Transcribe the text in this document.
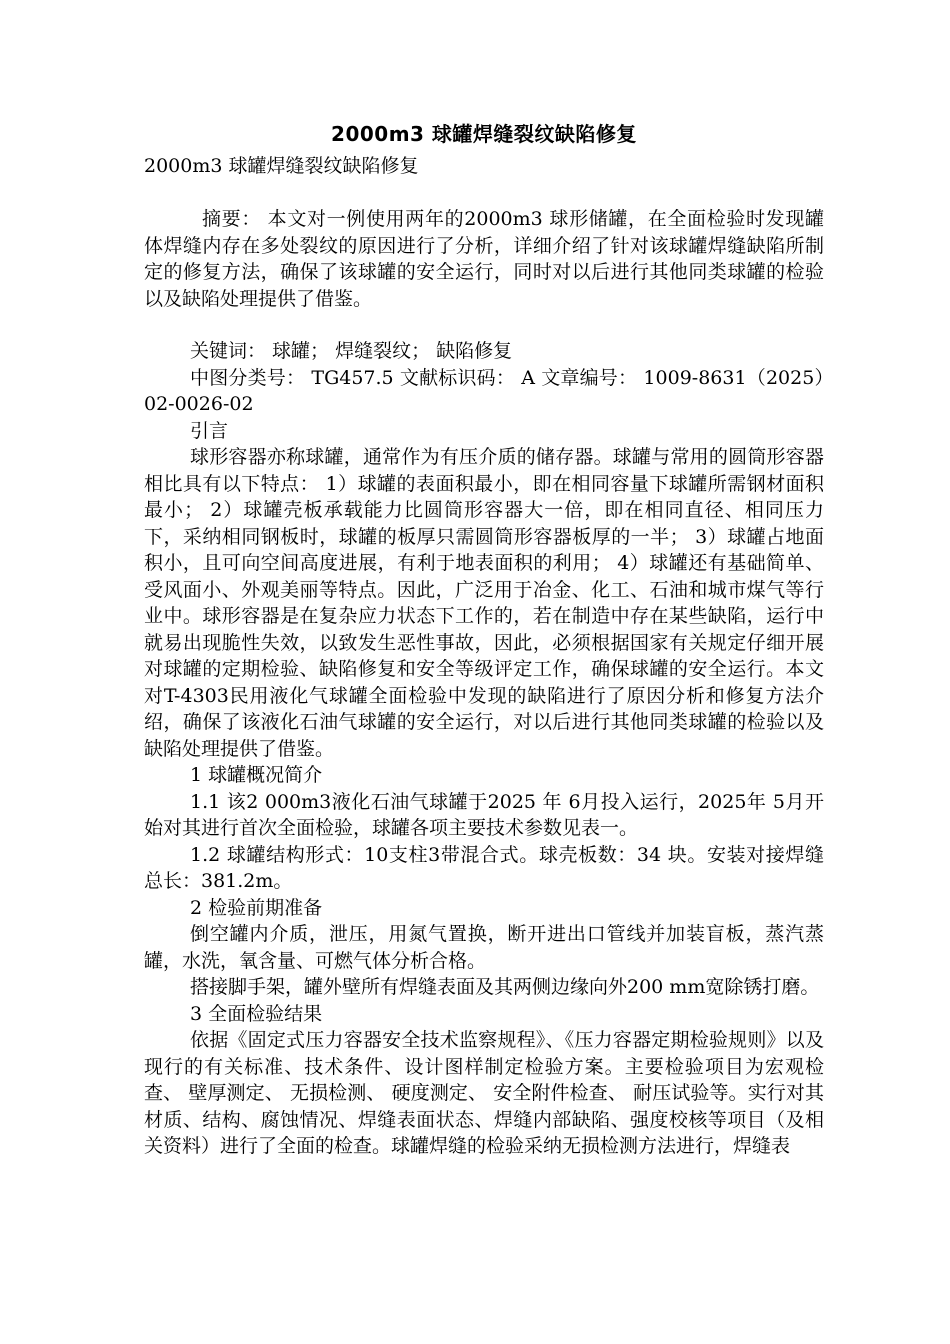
2000m3 球罐焊缝裂纹缺陷修复

2000m3 球罐焊缝裂纹缺陷修复

摘要： 本文对一例使用两年的2000m3 球形储罐，在全面检验时发现罐体焊缝内存在多处裂纹的原因进行了分析，详细介绍了针对该球罐焊缝缺陷所制定的修复方法，确保了该球罐的安全运行，同时对以后进行其他同类球罐的检验以及缺陷处理提供了借鉴。

关键词： 球罐； 焊缝裂纹； 缺陷修复

中图分类号： TG457.5 文献标识码： A 文章编号： 1009-8631（2025）02-0026-02

引言

球形容器亦称球罐，通常作为有压介质的储存器。球罐与常用的圆筒形容器相比具有以下特点： 1）球罐的表面积最小，即在相同容量下球罐所需钢材面积最小； 2）球罐壳板承载能力比圆筒形容器大一倍，即在相同直径、相同压力下，采纳相同钢板时，球罐的板厚只需圆筒形容器板厚的一半； 3）球罐占地面积小，且可向空间高度进展，有利于地表面积的利用； 4）球罐还有基础简单、受风面小、外观美丽等特点。因此，广泛用于冶金、化工、石油和城市煤气等行业中。球形容器是在复杂应力状态下工作的，若在制造中存在某些缺陷，运行中就易出现脆性失效，以致发生恶性事故，因此，必须根据国家有关规定仔细开展对球罐的定期检验、缺陷修复和安全等级评定工作，确保球罐的安全运行。本文对T-4303民用液化气球罐全面检验中发现的缺陷进行了原因分析和修复方法介绍，确保了该液化石油气球罐的安全运行，对以后进行其他同类球罐的检验以及缺陷处理提供了借鉴。

1 球罐概况简介

1.1 该2 000m3液化石油气球罐于2025 年 6月投入运行，2025年 5月开始对其进行首次全面检验，球罐各项主要技术参数见表一。

1.2 球罐结构形式：10支柱3带混合式。球壳板数：34 块。安装对接焊缝总长：381.2m。

2 检验前期准备

倒空罐内介质，泄压，用氮气置换，断开进出口管线并加装盲板，蒸汽蒸罐，水洗，氧含量、可燃气体分析合格。

搭接脚手架，罐外壁所有焊缝表面及其两侧边缘向外200 mm宽除锈打磨。

3 全面检验结果

依据《固定式压力容器安全技术监察规程》、《压力容器定期检验规则》以及现行的有关标准、技术条件、设计图样制定检验方案。主要检验项目为宏观检查、 壁厚测定、 无损检测、 硬度测定、 安全附件检查、 耐压试验等。实行对其材质、结构、腐蚀情况、焊缝表面状态、焊缝内部缺陷、强度校核等项目（及相关资料）进行了全面的检查。球罐焊缝的检验采纳无损检测方法进行，焊缝表
